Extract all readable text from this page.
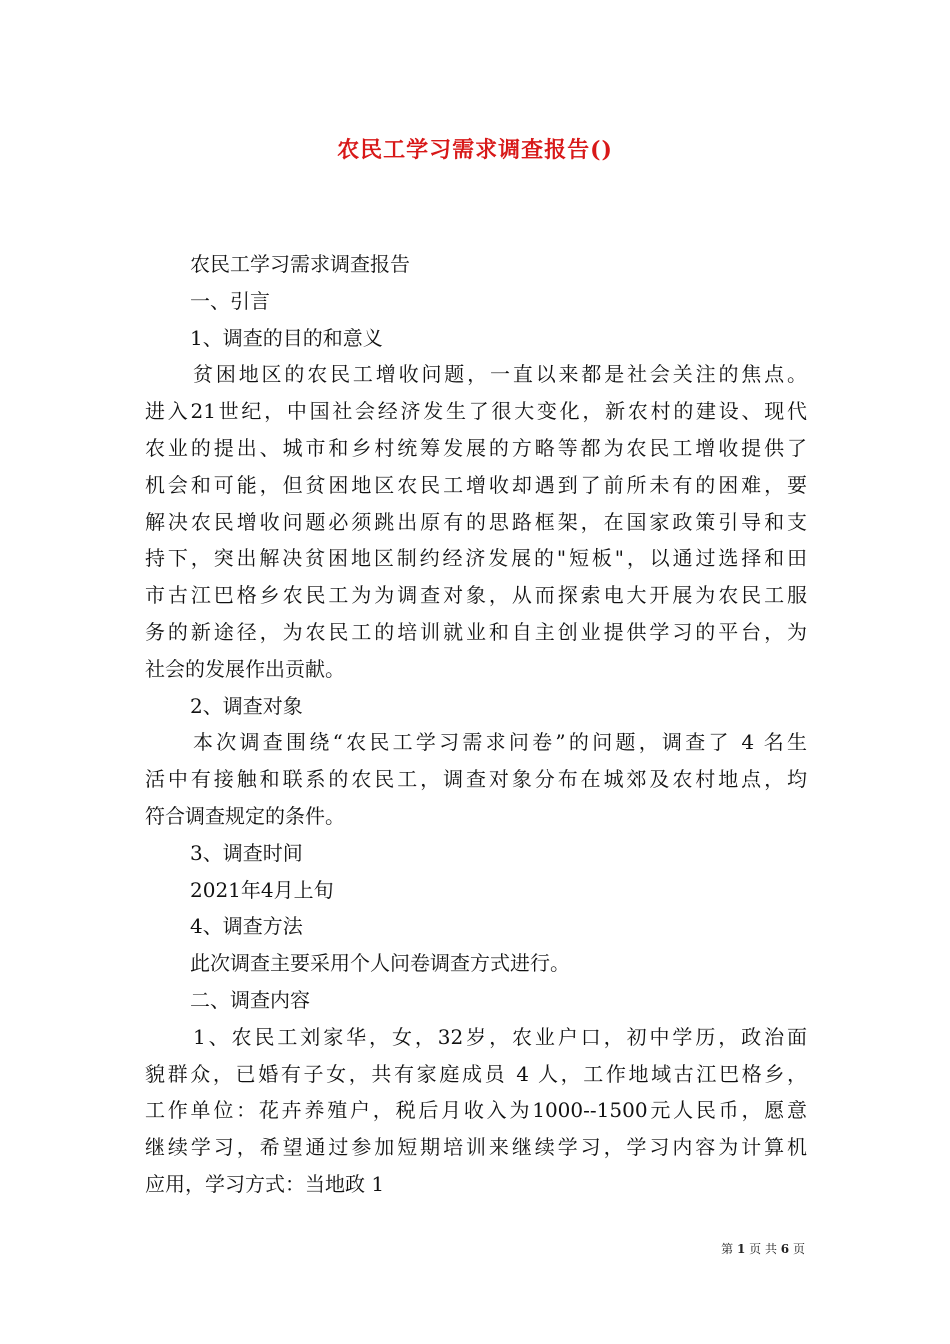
农民工学习需求调查报告()

农民工学习需求调查报告

一、引言

1、调查的目的和意义

贫困地区的农民工增收问题，一直以来都是社会关注的焦点。

进入21世纪，中国社会经济发生了很大变化，新农村的建设、现代

农业的提出、城市和乡村统筹发展的方略等都为农民工增收提供了

机会和可能，但贫困地区农民工增收却遇到了前所未有的困难，要

解决农民增收问题必须跳出原有的思路框架，在国家政策引导和支

持下，突出解决贫困地区制约经济发展的"短板"，以通过选择和田

市古江巴格乡农民工为为调查对象，从而探索电大开展为农民工服

务的新途径，为农民工的培训就业和自主创业提供学习的平台，为

社会的发展作出贡献。

2、调查对象

本次调查围绕“农民工学习需求问卷”的问题，调查了 4 名生

活中有接触和联系的农民工，调查对象分布在城郊及农村地点，均

符合调查规定的条件。

3、调查时间

2021年4月上旬

4、调查方法

此次调查主要采用个人问卷调查方式进行。

二、调查内容

1、农民工刘家华，女，32岁，农业户口，初中学历，政治面

貌群众，已婚有子女，共有家庭成员 4 人，工作地域古江巴格乡，

工作单位：花卉养殖户，税后月收入为1000--1500元人民币，愿意

继续学习，希望通过参加短期培训来继续学习，学习内容为计算机

应用，学习方式：当地政 1

第 1 页 共 6 页
